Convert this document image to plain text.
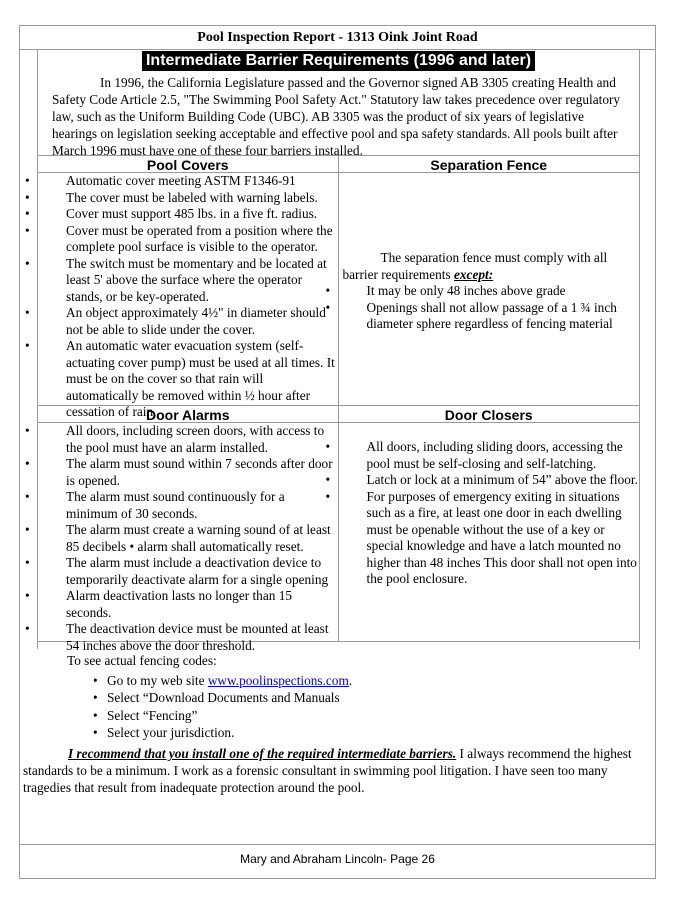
Pool Inspection Report - 1313 Oink Joint Road
Intermediate Barrier Requirements (1996 and later)

In 1996, the California Legislature passed and the Governor signed AB 3305 creating Health and Safety Code Article 2.5, "The Swimming Pool Safety Act." Statutory law takes precedence over regulatory law, such as the Uniform Building Code (UBC). AB 3305 was the product of six years of legislative hearings on legislation seeking acceptable and effective pool and spa safety standards. All pools built after March 1996 must have one of these four barriers installed.

Pool Covers	Separation Fence
• Automatic cover meeting ASTM F1346-91
• The cover must be labeled with warning labels.
• Cover must support 485 lbs. in a five ft. radius.
• Cover must be operated from a position where the complete pool surface is visible to the operator.
• The switch must be momentary and be located at least 5' above the surface where the operator stands, or be key-operated.
• An object approximately 4½" in diameter should not be able to slide under the cover.
• An automatic water evacuation system (self-actuating cover pump) must be used at all times. It must be on the cover so that rain will automatically be removed within ½ hour after cessation of rain.
The separation fence must comply with all barrier requirements except:
• It may be only 48 inches above grade
• Openings shall not allow passage of a 1 ¾ inch diameter sphere regardless of fencing material
Door Alarms	Door Closers
• All doors, including screen doors, with access to the pool must have an alarm installed.
• The alarm must sound within 7 seconds after door is opened.
• The alarm must sound continuously for a minimum of 30 seconds.
• The alarm must create a warning sound of at least 85 decibels • alarm shall automatically reset.
• The alarm must include a deactivation device to temporarily deactivate alarm for a single opening
• Alarm deactivation lasts no longer than 15 seconds.
• The deactivation device must be mounted at least 54 inches above the door threshold.
• All doors, including sliding doors, accessing the pool must be self-closing and self-latching.
• Latch or lock at a minimum of 54” above the floor.
• For purposes of emergency exiting in situations such as a fire, at least one door in each dwelling must be openable without the use of a key or special knowledge and have a latch mounted no higher than 48 inches This door shall not open into the pool enclosure.
To see actual fencing codes:
• Go to my web site www.poolinspections.com.
• Select “Download Documents and Manuals
• Select “Fencing”
• Select your jurisdiction.
I recommend that you install one of the required intermediate barriers. I always recommend the highest standards to be a minimum. I work as a forensic consultant in swimming pool litigation. I have seen too many tragedies that result from inadequate protection around the pool.
Mary and Abraham Lincoln- Page 26
